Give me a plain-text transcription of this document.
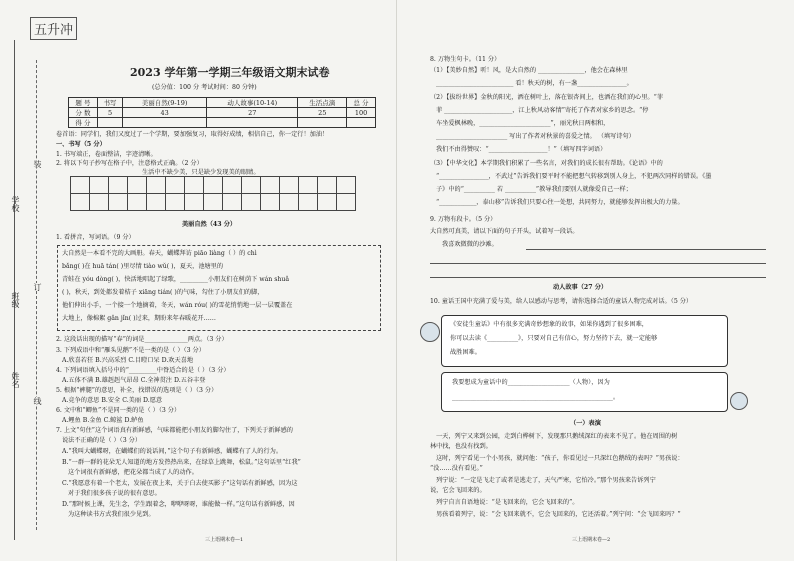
五升冲
学校
班级
姓名
装
订
线
2023 学年第一学期三年级语文期末试卷
(总分值：100 分 考试时间：80 分钟)
题 号	书写	美丽自然(9-19)	动人故事(10-14)	生活点滴	总 分
分 数	5	43	27	25	100
得 分					
卷首语：同学们，我们又度过了一个学期，要加强复习，取得好成绩，相信自己，你一定行！加油！
一、书写（5 分）
1. 书写端正，卷面整洁，字迹清晰。
2. 将以下句子抄写在格子中，注意格式正确。（2 分）
生活中不缺少美，只是缺少发现美的眼睛。
美丽自然（43 分）
1. 看拼音，写词语。（9 分）
大自然是一本看不完的大画册。春天，蝴蝶拜访 piāo liàng（ ）的 chì
bǎng( )在 huā tán( )里尽情 tiào wǔ( )，夏天，池塘里的
青蛙在 yóu dòng( )，快活地唱起了绿歌，_________小朋友们在树荫下 wán shuǎ
( )，秋天，到处都发着桔子 xiāng tián( )的气味，勾住了小朋友们的脚，
他们伸出小手，一个接一个地摘着，冬天，wán róu( )的雪花悄悄地一层一层覆盖在
大地上，像棉絮 gǎn jǐn( )过来，期盼来年春暖花开……
2. 这段话出现的描写“春”的词是______________两点。（3 分）
3. 下列成语中和“雁头见鹅”不是一类的是（ ）（3 分）
A.欣喜若狂 B.兴高采烈 C.目瞪口呆 D.欢天喜地
4. 下列词语填入括号中的“_________中脊适合的是（ ）（3 分）
A.五体不满 B.雄赳赳气昂昂 C.全神贯注 D.五谷丰登
5. 根据“裤腿”的意思，补全，找错误的选项是（ ）（3 分）
A.竞争的意思 B.安全 C.美丽 D.愿意
6. 文中和“鲫鱼”不是同一类的是（ ）（3 分）
A.鲤鱼 B.金鱼 C.鲸鲨 D.鲈鱼
7. 上文“句住”这个词语真有新鲜感，气味都能把小朋友的脚勾住了，下列关于新鲜感的
说法不正确的是（ ）（3 分）
A.“我叫大蝴蝶呀，在蝴蝶们的说话间，”这个句子有新鲜感，蝴蝶有了人的行为。
B.“一群一群的花朵无人知道的地方发热热出来，在绿草上跳舞，松鼠。”这句话里“红我”
这个词很有新鲜感，把花朵都当成了人的动作。
C.“我愿意有着一个老太，发展在夜上来，关于白去使买影子”这句话有新鲜感，因为这
对于我们很多孩子说的很有意思。
D.“那时候上课，先生念，学生跟着念，咿咿呀呀，谁能做一样。”这句话有新鲜感，因
为这种读书方式我们很少见到。
三上语期末卷—1
8. 万物生句卡。（11 分）
（1）【美妙自然】听！风，是大自然的 _______________，他会在森林里
_________________________ 看！秋天的树，有一盏________________。
（2）【拔纷世界】金秋的阳光，洒在树叶上，落在银杏间上，也洒在我们的心里。“菲
菲 ______________________，江上秋风动客情”寄托了作者对家乡的思念。“停
车坐爱枫林晚，_______________________”，丽光秋日两相和，
_______________________ 写出了作者对秋景的喜爱之情。 （填写诗句）
我们不由得赞叹：“___________________！”（填写四字词语）
（3）【中华文化】本学期我们积累了一些名言，对我们的成长很有帮助。《论语》中的
“________________，不武过”告诉我们要平时不能把想气转移到别人身上，不犯两次同样的错误。《墨
子》中的“__________ 若 __________”教导我们要别人就像爱自己一样；
“____________，泰山移”告诉我们只要心往一处想，共同努力，就能够发挥出极大的力量。
9. 万物有段卡。（5 分）
大自然可真美，请以下面的句子开头，试着写一段话。
我喜欢微微的沙滩。
动人故事（27 分）
10. 童话王国中充满了爱与美，给人以感动与思考，请你选择合适的童话人物完成对话。（5 分）
《安徒生童话》中有很多充满奇妙想象的故事，如果你遇到了很多困难，
你可以去读《__________》，只要对自己有信心，努力坚持下去，就一定能够
战胜困难。
我要想成为童话中的____________________（人物），因为
____________________________________________________。
（一）表演
一天，列宁又来到公园，走到白桦树下，发现那只鹅绒深红的表来不见了。他在周围的树
林中找，也没有找到。
这时，列宁看见一个小男孩，就问他：“孩子，你看见过一只深红色鹅绒的表吗？”男孩说：
“没……没有看见。”
列宁说：“一定是飞走了或者是逃走了，天气严寒，它怕冷。”那个男孩来告诉列宁
说，它会飞回来的。
列宁自言自语地说：“是飞回来的，它会飞回来的”。
男孩看着列宁，说：“会飞回来就不，它会飞回来的，它还活着。”列宁问：“会飞回来吗？”
三上语期末卷—2
